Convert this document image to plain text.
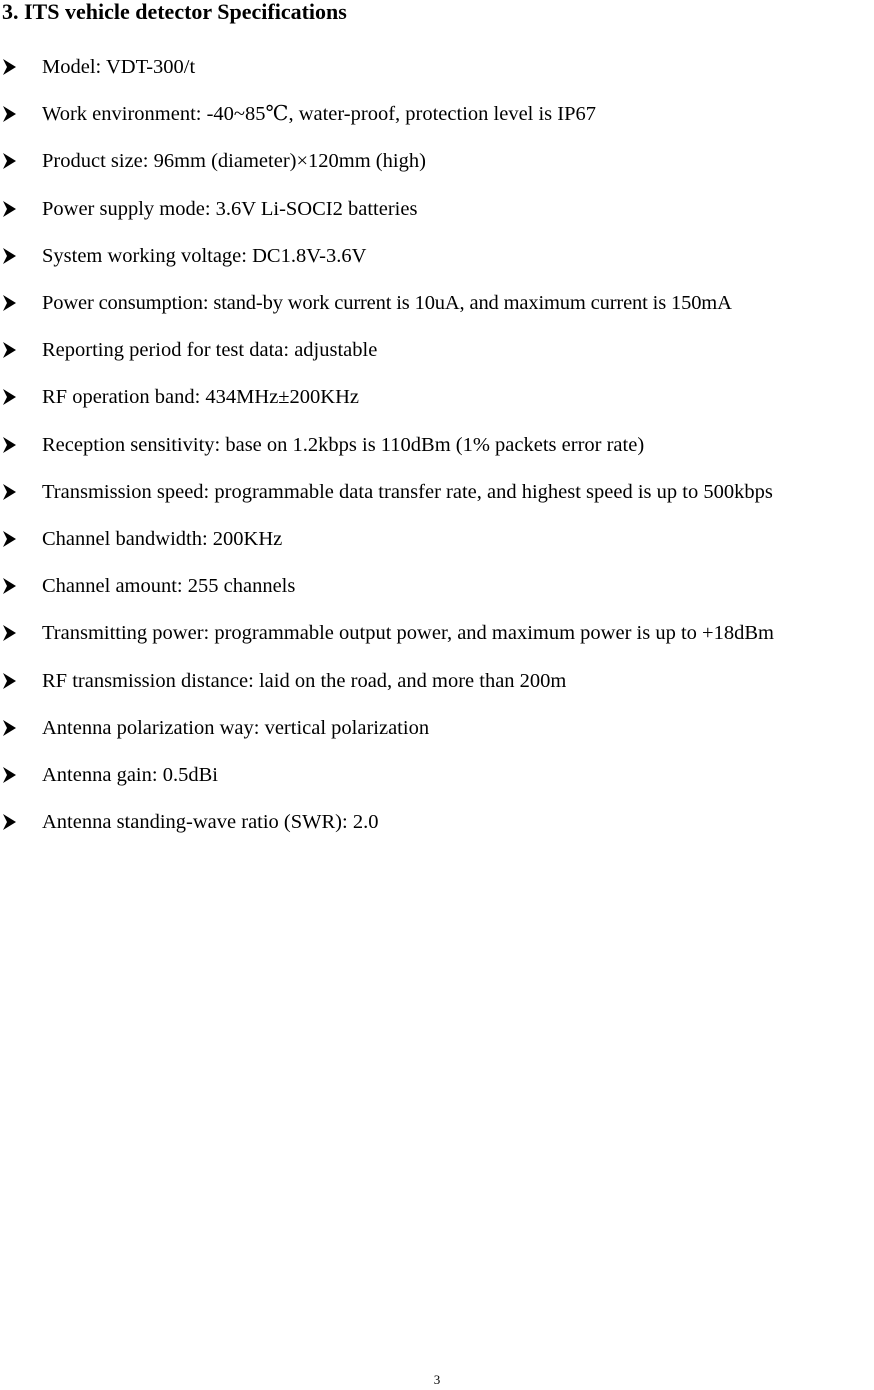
3. ITS vehicle detector Specifications
Model: VDT-300/t
Work environment: -40~85℃, water-proof, protection level is IP67
Product size: 96mm (diameter)×120mm (high)
Power supply mode: 3.6V Li-SOCI2 batteries
System working voltage: DC1.8V-3.6V
Power consumption: stand-by work current is 10uA, and maximum current is 150mA
Reporting period for test data: adjustable
RF operation band: 434MHz±200KHz
Reception sensitivity: base on 1.2kbps is 110dBm (1% packets error rate)
Transmission speed: programmable data transfer rate, and highest speed is up to 500kbps
Channel bandwidth: 200KHz
Channel amount: 255 channels
Transmitting power: programmable output power, and maximum power is up to +18dBm
RF transmission distance: laid on the road, and more than 200m
Antenna polarization way: vertical polarization
Antenna gain: 0.5dBi
Antenna standing-wave ratio (SWR): 2.0
3
